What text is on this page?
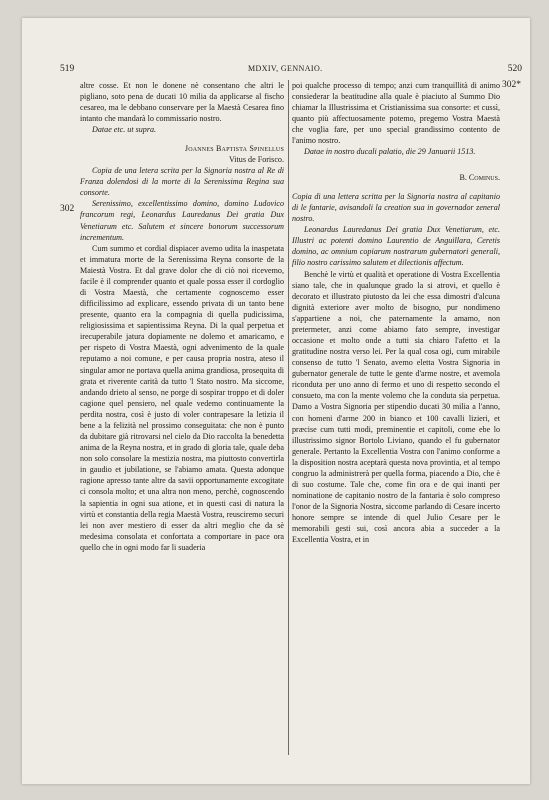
519	MDXIV, GENNAIO.	520
302
302*

altre cosse. Et non le donene nè consentano che altri le pigliano, soto pena de ducati 10 milia da applicarse al fischo cesareo, ma le debbano conservare per la Maestà Cesarea fino intanto che mandarà lo commissario nostro.

Datae etc. ut supra.

Joannes Baptista Spinellus
Vitus de Forisco.

Copia de una letera scrita per la Signoria nostra al Re di Franza dolendosi di la morte di la Serenissima Regina sua consorte.

Serenissimo, excellentissimo domino, domino Ludovico francorum regi, Leonardus Lauredanus Dei gratia Dux Venetiarum etc. Salutem et sincere bonorum successorum incrementum.

Cum summo et cordial dispiacer avemo udita la inaspetata et immatura morte de la Serenissima Reyna consorte de la Maiestà Vostra. Et dal grave dolor che di ciò noi ricevemo, facile è il comprender quanto et quale possa esser il cordoglio di Vostra Maestà, che certamente cognoscemo esser difficilissimo ad explicare, essendo privata di un tanto bene presente, quanto era la compagnia di quella pudicissima, religiosissima et sapientissima Reyna. Di la qual perpetua et irecuperabile jatura dopiamente ne dolemo et amaricamo, e per rispeto di Vostra Maestà, ogni advenimento de la quale reputamo a noi comune, e per causa propria nostra, ateso il singular amor ne portava quella anima grandiosa, prosequita di grata et riverente carità da tutto 'l Stato nostro. Ma siccome, andando drieto al senso, ne porge di sospirar troppo et di doler cagione quel pensiero, nel quale vedemo continuamente la perdita nostra, così è justo di voler contrapesare la letizia il bene a la felizità nel prossimo conseguitata: che non è punto da dubitare già ritrovarsi nel cielo da Dio raccolta la benedetta anima de la Reyna nostra, et in grado di gloria tale, quale deba non solo consolare la mestizia nostra, ma piuttosto convertirla in gaudio et jubilatione, se l'abiamo amata. Questa adonque ragione apresso tante altre da savii opportunamente excogitate ci consola molto; et una altra non meno, perchè, cognoscendo la sapientia in ogni sua atione, et in questi casi di natura la virtù et constantia della regia Maestà Vostra, reusciremo securi lei non aver mestiero di esser da altri meglio che da sè medesima consolata et confortata a comportare in pace ora quello che in ogni modo far li suaderia

poi qualche processo di tempo; anzi cum tranquillità di animo consiederar la beatitudine alla quale è piaciuto al Summo Dio chiamar la Illustrissima et Cristianissima sua consorte: et cussì, quanto più affectuosamente potemo, pregemo Vostra Maestà che voglia fare, per uno special grandissimo contento de l'animo nostro.

Datae in nostro ducali palatio, die 29 Januarii 1513.

B. Cominus.

Copia di una lettera scritta per la Signoria nostra al capitanio di le fantarie, avisandoli la creation sua in governador zeneral nostro.

Leonardus Lauredanus Dei gratia Dux Venetiarum, etc. Illustri ac potenti domino Laurentio de Anguillara, Ceretis domino, ac omnium copiarum nostrarum gubernatori generali, filio nostro carissimo salutem et dilectionis affectum.

Benchè le virtù et qualità et operatione di Vostra Excellentia siano tale, che in qualunque grado la si atrovi, et quello è decorato et illustrato piutosto da lei che essa dimostri d'alcuna dignità exteriore aver molto de bisogno, pur nondimeno s'appartiene a noi, che paternamente la amamo, non pretermeter, anzi come abiamo fato sempre, investigar occasione et molto onde a tutti sia chiaro l'afetto et la gratitudine nostra verso lei. Per la qual cosa ogi, cum mirabile consenso de tutto 'l Senato, avemo eletta Vostra Signoria in gubernator generale de tutte le gente d'arme nostre, et avemola riconduta per uno anno di fermo et uno di respetto secondo el consueto, ma con la mente volemo che la conduta sia perpetua. Damo a Vostra Signoria per stipendio ducati 30 milia a l'anno, con homeni d'arme 200 in bianco et 100 cavalli lizieri, et præcise cum tutti modi, preminentie et capitoli, come ebe lo illustrissimo signor Bortolo Liviano, quando el fu gubernator generale. Pertanto la Excellentia Vostra con l'animo conforme a la disposition nostra aceptarà questa nova provintia, et al tempo congruo la administrerà per quella forma, piacendo a Dio, che è di suo costume. Tale che, come fin ora e de qui inanti per nominatione de capitanio nostro de la fantaria è solo compreso l'onor de la Signoria Nostra, siccome parlando di Cesare incerto honore sempre se intende di quel Julio Cesare per le memorabili gesti sui, così ancora abia a succeder a la Excellentia Vostra, et in
